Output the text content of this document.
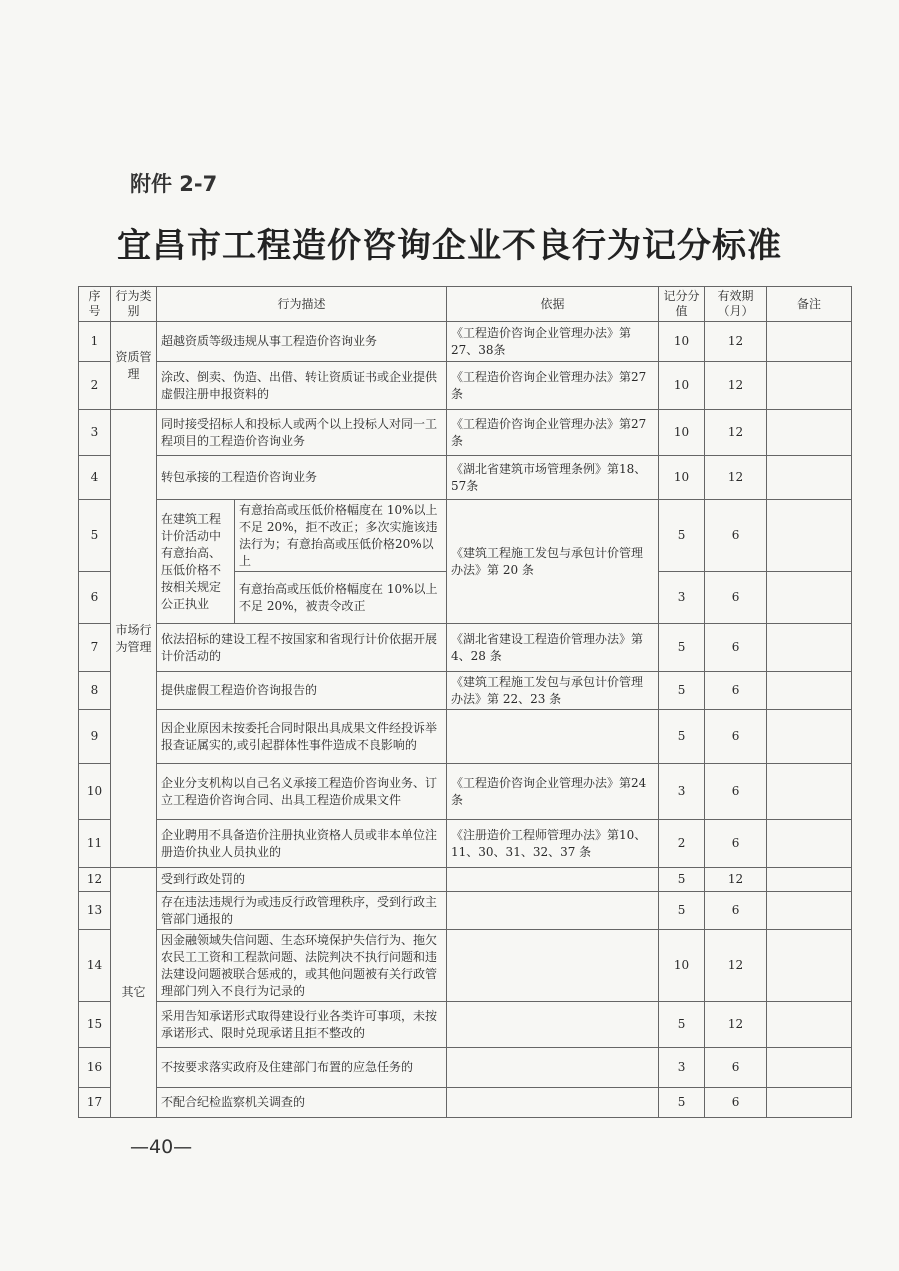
附件 2-7
宜昌市工程造价咨询企业不良行为记分标准
序号	行为类别	行为描述		依据	记分分值	有效期（月）	备注
1	资质管理	超越资质等级违规从事工程造价咨询业务		《工程造价咨询企业管理办法》第27、38条	10	12	
2		涂改、倒卖、伪造、出借、转让资质证书或企业提供虚假注册申报资料的		《工程造价咨询企业管理办法》第27条	10	12	
3	市场行为管理	同时接受招标人和投标人或两个以上投标人对同一工程项目的工程造价咨询业务		《工程造价咨询企业管理办法》第27条	10	12	
4		转包承接的工程造价咨询业务		《湖北省建筑市场管理条例》第18、57条	10	12	
5		在建筑工程计价活动中有意抬高、压低价格不按相关规定公正执业	有意抬高或压低价格幅度在 10%以上不足 20%，拒不改正；多次实施该违法行为；有意抬高或压低价格20%以上	《建筑工程施工发包与承包计价管理办法》第 20 条	5	6	
6			有意抬高或压低价格幅度在 10%以上不足 20%，被责令改正		3	6	
7		依法招标的建设工程不按国家和省现行计价依据开展计价活动的		《湖北省建设工程造价管理办法》第 4、28 条	5	6	
8		提供虚假工程造价咨询报告的		《建筑工程施工发包与承包计价管理办法》第 22、23 条	5	6	
9		因企业原因未按委托合同时限出具成果文件经投诉举报查证属实的,或引起群体性事件造成不良影响的			5	6	
10		企业分支机构以自己名义承接工程造价咨询业务、订立工程造价咨询合同、出具工程造价成果文件		《工程造价咨询企业管理办法》第24条	3	6	
11		企业聘用不具备造价注册执业资格人员或非本单位注册造价执业人员执业的		《注册造价工程师管理办法》第10、11、30、31、32、37 条	2	6	
12	其它	受到行政处罚的			5	12	
13		存在违法违规行为或违反行政管理秩序，受到行政主管部门通报的			5	6	
14		因金融领域失信问题、生态环境保护失信行为、拖欠农民工工资和工程款问题、法院判决不执行问题和违法建设问题被联合惩戒的，或其他问题被有关行政管理部门列入不良行为记录的			10	12	
15		采用告知承诺形式取得建设行业各类许可事项，未按承诺形式、限时兑现承诺且拒不整改的			5	12	
16		不按要求落实政府及住建部门布置的应急任务的			3	6	
17		不配合纪检监察机关调查的			5	6	
—40—
